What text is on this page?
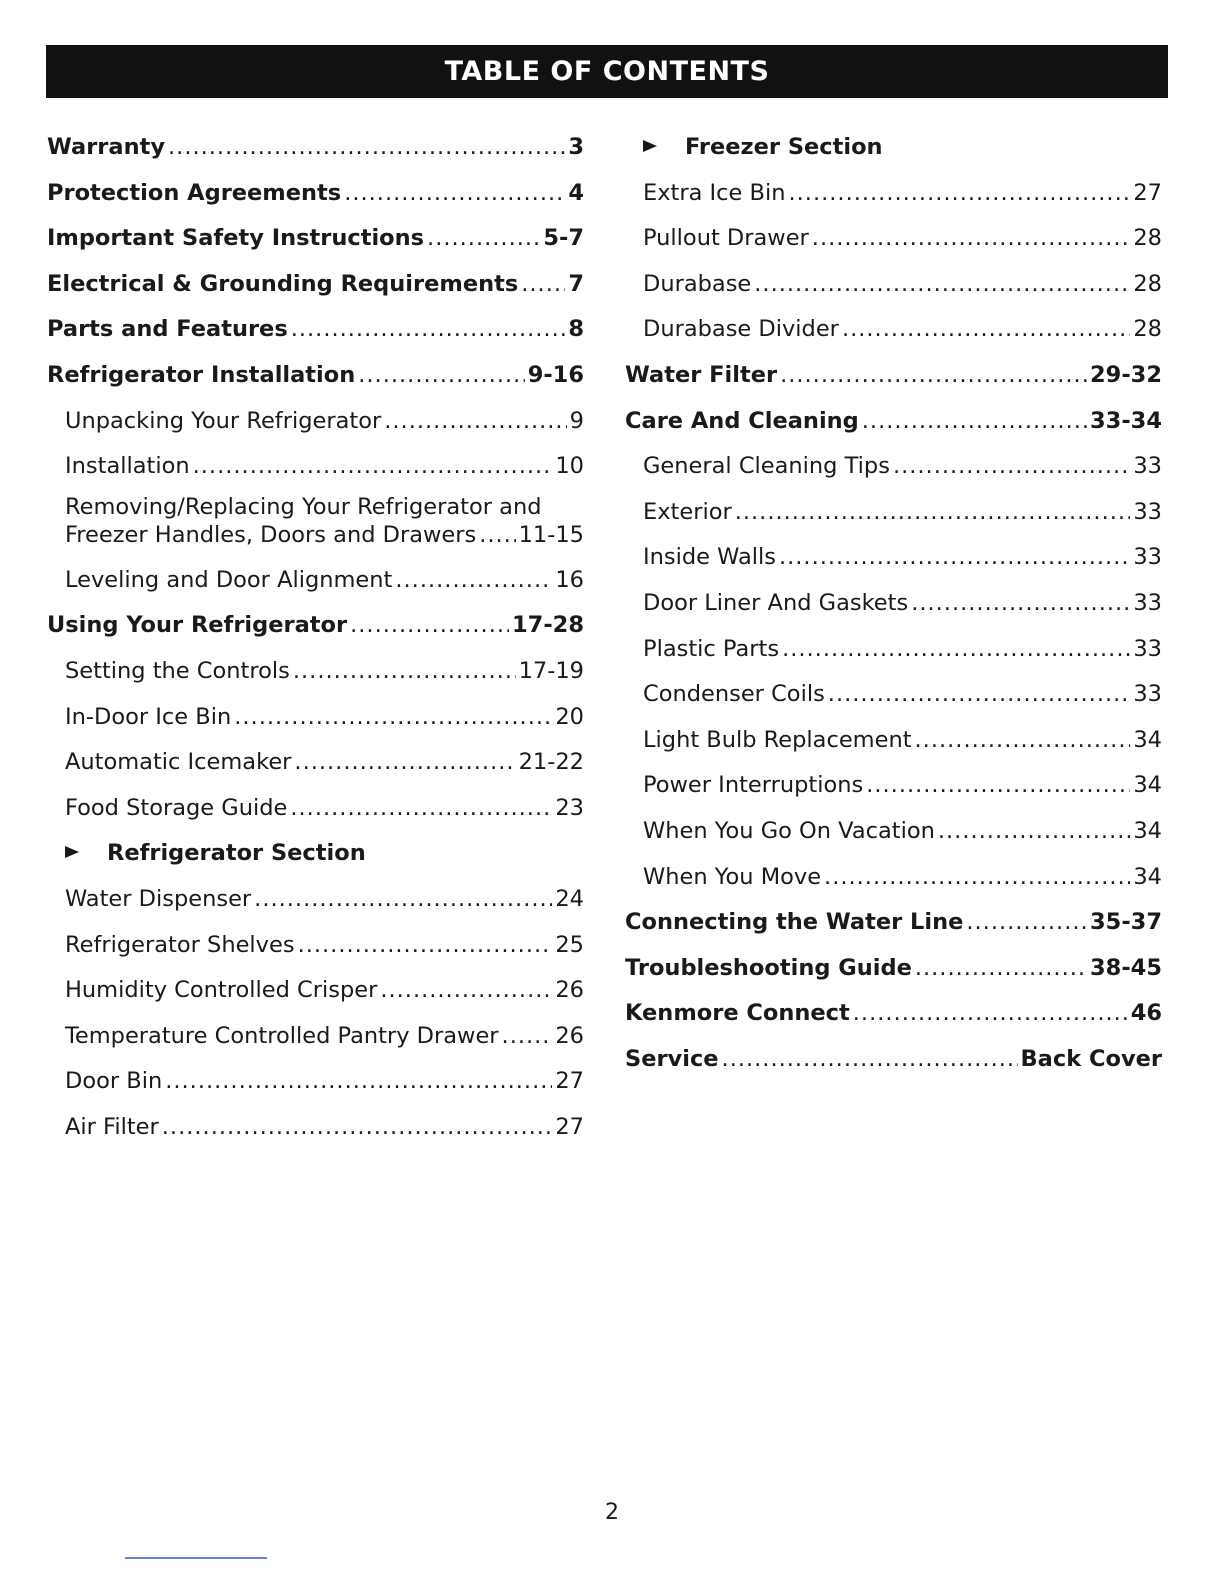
TABLE OF CONTENTS
Warranty .....	3
Protection Agreements .....	4
Important Safety Instructions .....	5-7
Electrical & Grounding Requirements ..... 7
Parts and Features .....	8
Refrigerator Installation .....	9-16
Unpacking Your Refrigerator .....	9
Installation .....	10
Removing/Replacing Your Refrigerator and
Freezer Handles, Doors and Drawers ..... 11-15
Leveling and Door Alignment .....	16
Using Your Refrigerator .....	17-28
Setting the Controls .....	17-19
In-Door Ice Bin .....	20
Automatic Icemaker .....	21-22
Food Storage Guide .....	23
Refrigerator Section
Water Dispenser .....	24
Refrigerator Shelves .....	25
Humidity Controlled Crisper .....	26
Temperature Controlled Pantry Drawer .....	26
Door Bin .....	27
Air Filter .....	27
Freezer Section
Extra Ice Bin .....	27
Pullout Drawer .....	28
Durabase .....	28
Durabase Divider .....	28
Water Filter .....	29-32
Care And Cleaning .....	33-34
General Cleaning Tips .....	33
Exterior .....	33
Inside Walls .....	33
Door Liner And Gaskets .....	33
Plastic Parts .....	33
Condenser Coils .....	33
Light Bulb Replacement .....	34
Power Interruptions .....	34
When You Go On Vacation .....	34
When You Move .....	34
Connecting the Water Line .....	35-37
Troubleshooting Guide .....	38-45
Kenmore Connect .....	46
Service .....	Back Cover
2
